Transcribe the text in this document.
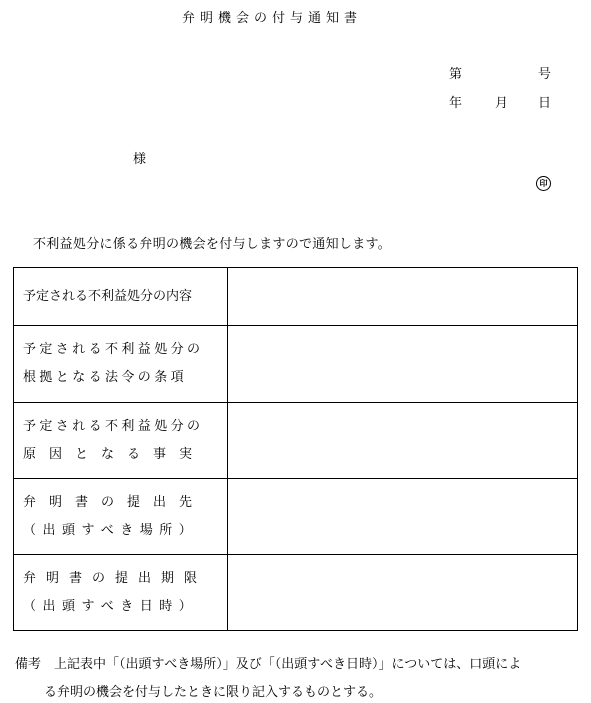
弁明機会の付与通知書
第	号
年	月 日
様
印
不利益処分に係る弁明の機会を付与しますので通知します。
予定される不利益処分の内容	

予定される不利益処分の
根拠となる法令の条項	

予定される不利益処分の
原因となる事実	

弁明書の提出先
（出頭すべき場所）	

弁明書の提出期限
（出頭すべき日時）	

備考　上記表中「（出頭すべき場所）」及び「（出頭すべき日時）」については、口頭によ
る弁明の機会を付与したときに限り記入するものとする。
